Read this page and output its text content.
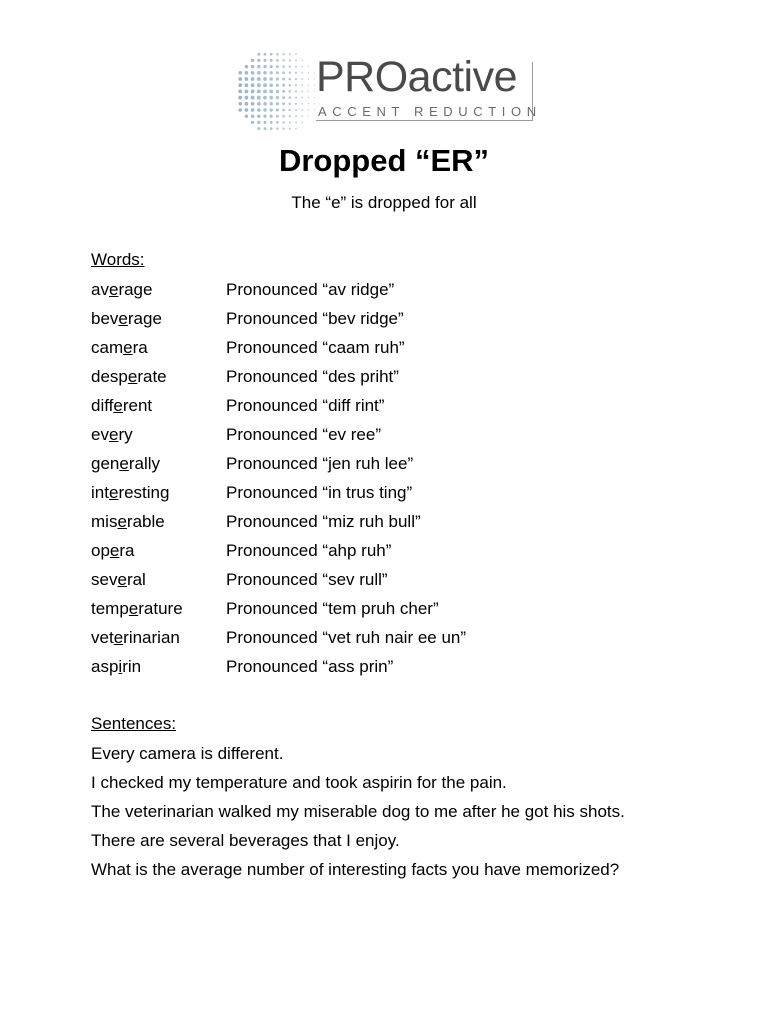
PROactive
ACCENT REDUCTION
Dropped “ER”
The “e” is dropped for all
Words:
average	Pronounced “av ridge”
beverage	Pronounced “bev ridge”
camera	Pronounced “caam ruh”
desperate	Pronounced “des priht”
different	Pronounced “diff rint”
every	Pronounced “ev ree”
generally	Pronounced “jen ruh lee”
interesting	Pronounced “in trus ting”
miserable	Pronounced “miz ruh bull”
opera	Pronounced “ahp ruh”
several	Pronounced “sev rull”
temperature	Pronounced “tem pruh cher”
veterinarian	Pronounced “vet ruh nair ee un”
aspirin	Pronounced “ass prin”
Sentences:
Every camera is different.
I checked my temperature and took aspirin for the pain.
The veterinarian walked my miserable dog to me after he got his shots.
There are several beverages that I enjoy.
What is the average number of interesting facts you have memorized?
